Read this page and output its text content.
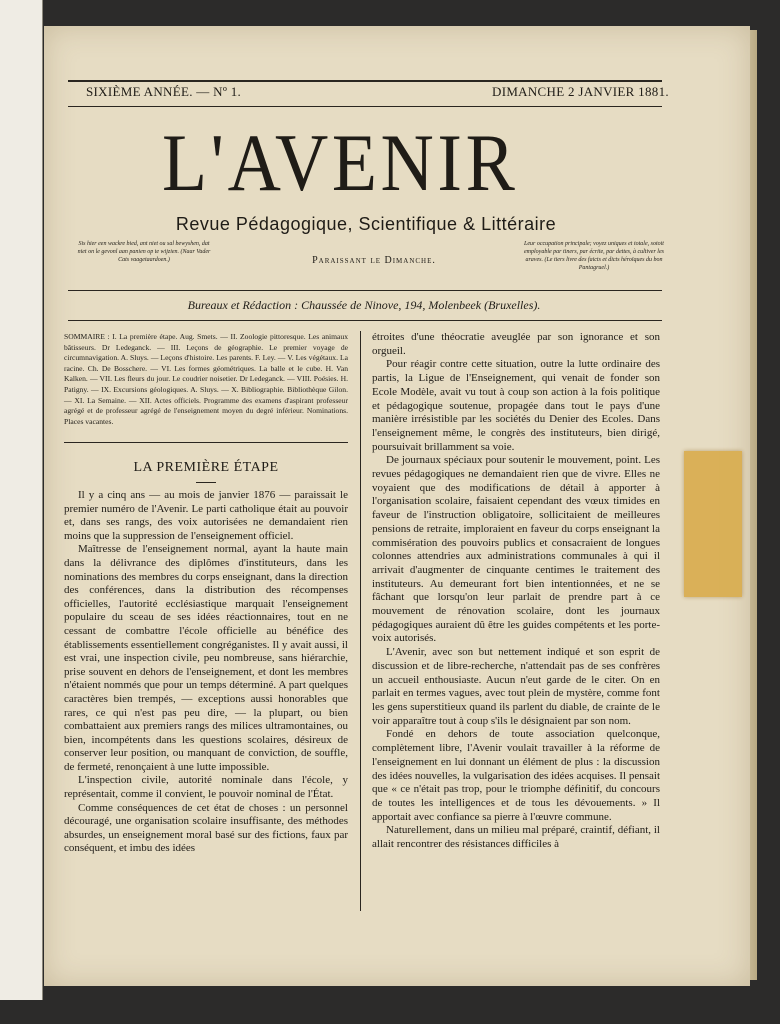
SIXIÈME ANNÉE. — Nº 1.	DIMANCHE 2 JANVIER 1881.
L'AVENIR
Revue Pédagogique, Scientifique & Littéraire
Sis hier een wackre bied, ant niet ou sal bewyshen, dat niet on le gevonl aan panien op te wijzien. (Naar Vader Cats vaagetaardoen.)	Paraissant le Dimanche.
Leur occupation principale; voyez uniques et totale, sotoit employable par tiners, par écrite, par dettes, à cultiver les araves. (Le tiers livre des faicts et dicts héroïques du bon Pantagruel.)
Bureaux et Rédaction : Chaussée de Ninove, 194, Molenbeek (Bruxelles).
SOMMAIRE : I. La première étape. Aug. Smets. — II. Zoologie pittoresque. Les animaux bâtisseurs. Dr Ledeganck. — III. Leçons de géographie. Le premier voyage de circumnavigation. A. Sluys. — Leçons d'histoire. Les parents. F. Ley. — V. Les végétaux. La racine. Ch. De Bosschere. — VI. Les formes géométriques. La balle et le cube. H. Van Kalken. — VII. Les fleurs du jour. Le coudrier noisetier. Dr Ledeganck. — VIII. Poésies. H. Patigny. — IX. Excursions géologiques. A. Sluys. — X. Bibliographie. Bibliothèque Gilon. — XI. La Semaine. — XII. Actes officiels. Programme des examens d'aspirant professeur agrégé et de professeur agrégé de l'enseignement moyen du degré inférieur. Nominations. Places vacantes.
LA PREMIÈRE ÉTAPE

Il y a cinq ans — au mois de janvier 1876 — paraissait le premier numéro de l'Avenir. Le parti catholique était au pouvoir et, dans ses rangs, des voix autorisées ne demandaient rien moins que la suppression de l'enseignement officiel.

Maîtresse de l'enseignement normal, ayant la haute main dans la délivrance des diplômes d'instituteurs, dans les nominations des membres du corps enseignant, dans la direction des conférences, dans la distribution des récompenses officielles, l'autorité ecclésiastique marquait l'enseignement populaire du sceau de ses idées réactionnaires, tout en ne cessant de combattre l'école officielle au bénéfice des établissements essentiellement congréganistes. Il y avait aussi, il est vrai, une inspection civile, peu nombreuse, sans hiérarchie, prise souvent en dehors de l'enseignement, et dont les membres n'étaient nommés que pour un temps déterminé. A part quelques caractères bien trempés, — exceptions aussi honorables que rares, ce qui n'est pas peu dire, — la plupart, ou bien combattaient aux premiers rangs des milices ultramontaines, ou bien, incompétents dans les questions scolaires, désireux de conserver leur position, ou manquant de conviction, de souffle, de fermeté, renonçaient à une lutte impossible.

L'inspection civile, autorité nominale dans l'école, y représentait, comme il convient, le pouvoir nominal de l'État.

Comme conséquences de cet état de choses : un personnel découragé, une organisation scolaire insuffisante, des méthodes absurdes, un enseignement moral basé sur des fictions, faux par conséquent, et imbu des idées

étroites d'une théocratie aveuglée par son ignorance et son orgueil.

Pour réagir contre cette situation, outre la lutte ordinaire des partis, la Ligue de l'Enseignement, qui venait de fonder son Ecole Modèle, avait vu tout à coup son action à la fois politique et pédagogique soutenue, propagée dans tout le pays d'une manière irrésistible par les sociétés du Denier des Ecoles. Dans l'enseignement même, le congrès des instituteurs, bien dirigé, poursuivait brillamment sa voie.

De journaux spéciaux pour soutenir le mouvement, point. Les revues pédagogiques ne demandaient rien que de vivre. Elles ne voyaient que des modifications de détail à apporter à l'organisation scolaire, faisaient cependant des vœux timides en faveur de l'instruction obligatoire, sollicitaient de meilleures pensions de retraite, imploraient en faveur du corps enseignant la commisération des pouvoirs publics et consacraient de longues colonnes attendries aux administrations communales à qui il arrivait d'augmenter de cinquante centimes le traitement des instituteurs. Au demeurant fort bien intentionnées, et ne se fâchant que lorsqu'on leur parlait de prendre part à ce mouvement de rénovation scolaire, dont les journaux pédagogiques auraient dû être les guides compétents et les porte-voix autorisés.

L'Avenir, avec son but nettement indiqué et son esprit de discussion et de libre-recherche, n'attendait pas de ses confrères un accueil enthousiaste. Aucun n'eut garde de le citer. On en parlait en termes vagues, avec tout plein de mystère, comme font les gens superstitieux quand ils parlent du diable, de crainte de le voir apparaître tout à coup s'ils le désignaient par son nom.

Fondé en dehors de toute association quelconque, complètement libre, l'Avenir voulait travailler à la réforme de l'enseignement en lui donnant un élément de plus : la discussion des idées nouvelles, la vulgarisation des idées acquises. Il pensait que « ce n'était pas trop, pour le triomphe définitif, du concours de toutes les intelligences et de tous les dévouements. » Il apportait avec confiance sa pierre à l'œuvre commune.

Naturellement, dans un milieu mal préparé, craintif, défiant, il allait rencontrer des résistances difficiles à
